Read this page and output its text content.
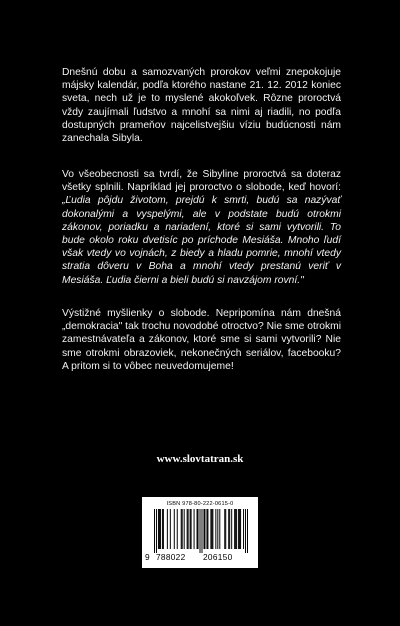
Dnešnú dobu a samozvaných prorokov veľmi znepokojuje májsky kalendár, podľa ktorého nastane 21. 12. 2012 koniec sveta, nech už je to myslené akokoľvek. Rôzne proroctvá vždy zaujímali ľudstvo a mnohí sa nimi aj riadili, no podľa dostupných prameňov najcelistvejšiu víziu budúcnosti nám zanechala Sibyla.

Vo všeobecnosti sa tvrdí, že Sibyline proroctvá sa doteraz všetky splnili. Napríklad jej proroctvo o slobode, keď hovorí: „Ľudia pôjdu životom, prejdú k smrti, budú sa nazývať dokonalými a vyspelými, ale v podstate budú otrokmi zákonov, poriadku a nariadení, ktoré si sami vytvorili. To bude okolo roku dvetisíc po príchode Mesiáša. Mnoho ľudí však vtedy vo vojnách, z biedy a hladu pomrie, mnohí vtedy stratia dôveru v Boha a mnohí vtedy prestanú veriť v Mesiáša. Ľudia čierni a bieli budú si navzájom rovní."

Výstižné myšlienky o slobode. Nepripomína nám dnešná „demokracia" tak trochu novodobé otroctvo? Nie sme otrokmi zamestnávateľa a zákonov, ktoré sme si sami vytvorili? Nie sme otrokmi obrazoviek, nekonečných seriálov, facebooku? A pritom si to vôbec neuvedomujeme!

www.slovtatran.sk
ISBN 978-80-222-0615-0
9 788022 206150
